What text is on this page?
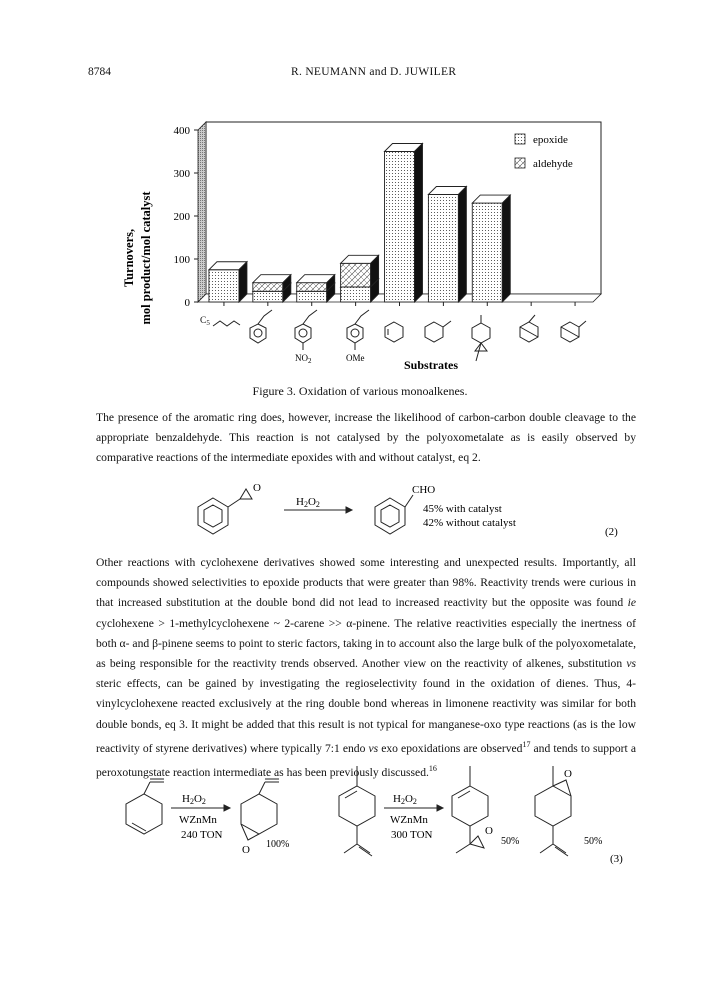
8784	R. NEUMANN and D. JUWILER
Turnovers, mol product/mol catalyst	0
100
200
300
400
epoxide
aldehyde
$C_5$
$NO_2$	OMe	Substrates
Figure 3. Oxidation of various monoalkenes.

The presence of the aromatic ring does, however, increase the likelihood of carbon-carbon double cleavage to the appropriate benzaldehyde. This reaction is not catalysed by the polyoxometalate as is easily observed by comparative reactions of the intermediate epoxides with and without catalyst, eq 2.

O
H2O2
CHO
45% with catalyst
42% without catalyst
(2)

Other reactions with cyclohexene derivatives showed some interesting and unexpected results. Importantly, all compounds showed selectivities to epoxide products that were greater than 98%. Reactivity trends were curious in that increased substitution at the double bond did not lead to increased reactivity but the opposite was found ie cyclohexene > 1-methylcyclohexene ~ 2-carene >> α-pinene. The relative reactivities especially the inertness of both α- and β-pinene seems to point to steric factors, taking in to account also the large bulk of the polyoxometalate, as being responsible for the reactivity trends observed. Another view on the reactivity of alkenes, substitution vs steric effects, can be gained by investigating the regioselectivity found in the oxidation of dienes. Thus, 4-vinylcyclohexene reacted exclusively at the ring double bond whereas in limonene reactivity was similar for both double bonds, eq 3. It might be added that this result is not typical for manganese-oxo type reactions (as is the low reactivity of styrene derivatives) where typically 7:1 endo vs exo epoxidations are observed$^{17}$ and tends to support a peroxotungstate reaction intermediate as has been previously discussed.$^{16}$

H2O2
WZnMn
240 TON
O 100%
H2O2
WZnMn
300 TON	O
50%
O
50%
(3)
